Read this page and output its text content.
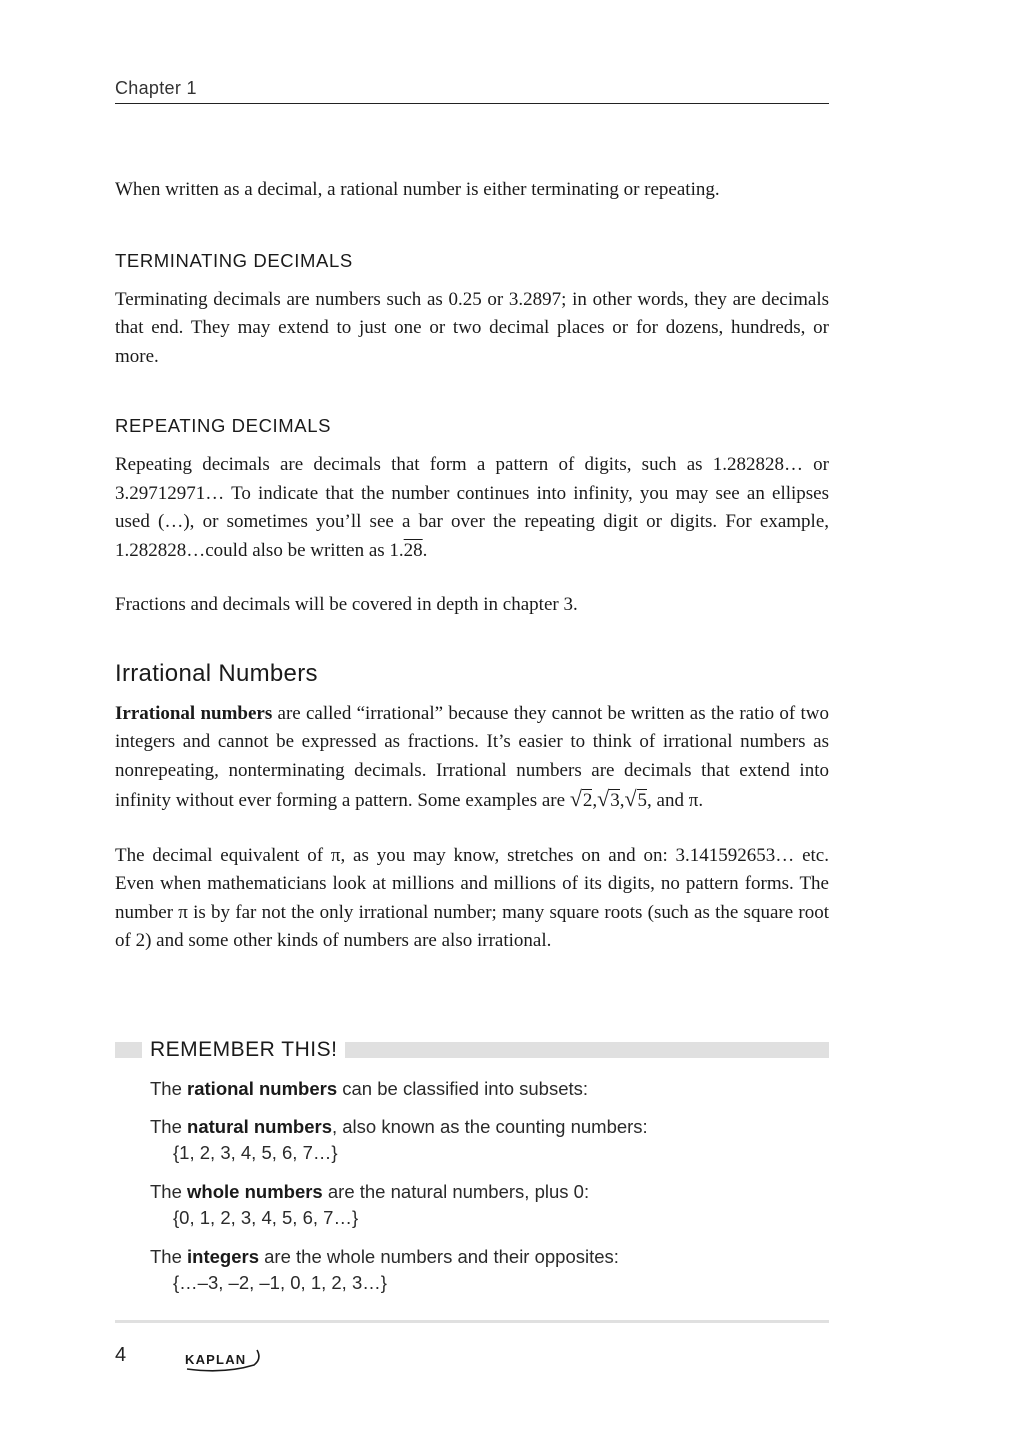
Chapter 1

When written as a decimal, a rational number is either terminating or repeating.

TERMINATING DECIMALS

Terminating decimals are numbers such as 0.25 or 3.2897; in other words, they are decimals that end. They may extend to just one or two decimal places or for dozens, hundreds, or more.

REPEATING DECIMALS

Repeating decimals are decimals that form a pattern of digits, such as 1.282828… or 3.29712971… To indicate that the number continues into infinity, you may see an ellipses used (…), or sometimes you’ll see a bar over the repeating digit or digits. For example, 1.282828…could also be written as 1.28.

Fractions and decimals will be covered in depth in chapter 3.

Irrational Numbers

Irrational numbers are called “irrational” because they cannot be written as the ratio of two integers and cannot be expressed as fractions. It’s easier to think of irrational numbers as nonrepeating, nonterminating decimals. Irrational numbers are decimals that extend into infinity without ever forming a pattern. Some examples are √2,√3,√5, and π.

The decimal equivalent of π, as you may know, stretches on and on: 3.141592653… etc. Even when mathematicians look at millions and millions of its digits, no pattern forms. The number π is by far not the only irrational number; many square roots (such as the square root of 2) and some other kinds of numbers are also irrational.

REMEMBER THIS!

The rational numbers can be classified into subsets:

The natural numbers, also known as the counting numbers:

{1, 2, 3, 4, 5, 6, 7…}

The whole numbers are the natural numbers, plus 0:

{0, 1, 2, 3, 4, 5, 6, 7…}

The integers are the whole numbers and their opposites:

{…–3, –2, –1, 0, 1, 2, 3…}
4	KAPLAN
